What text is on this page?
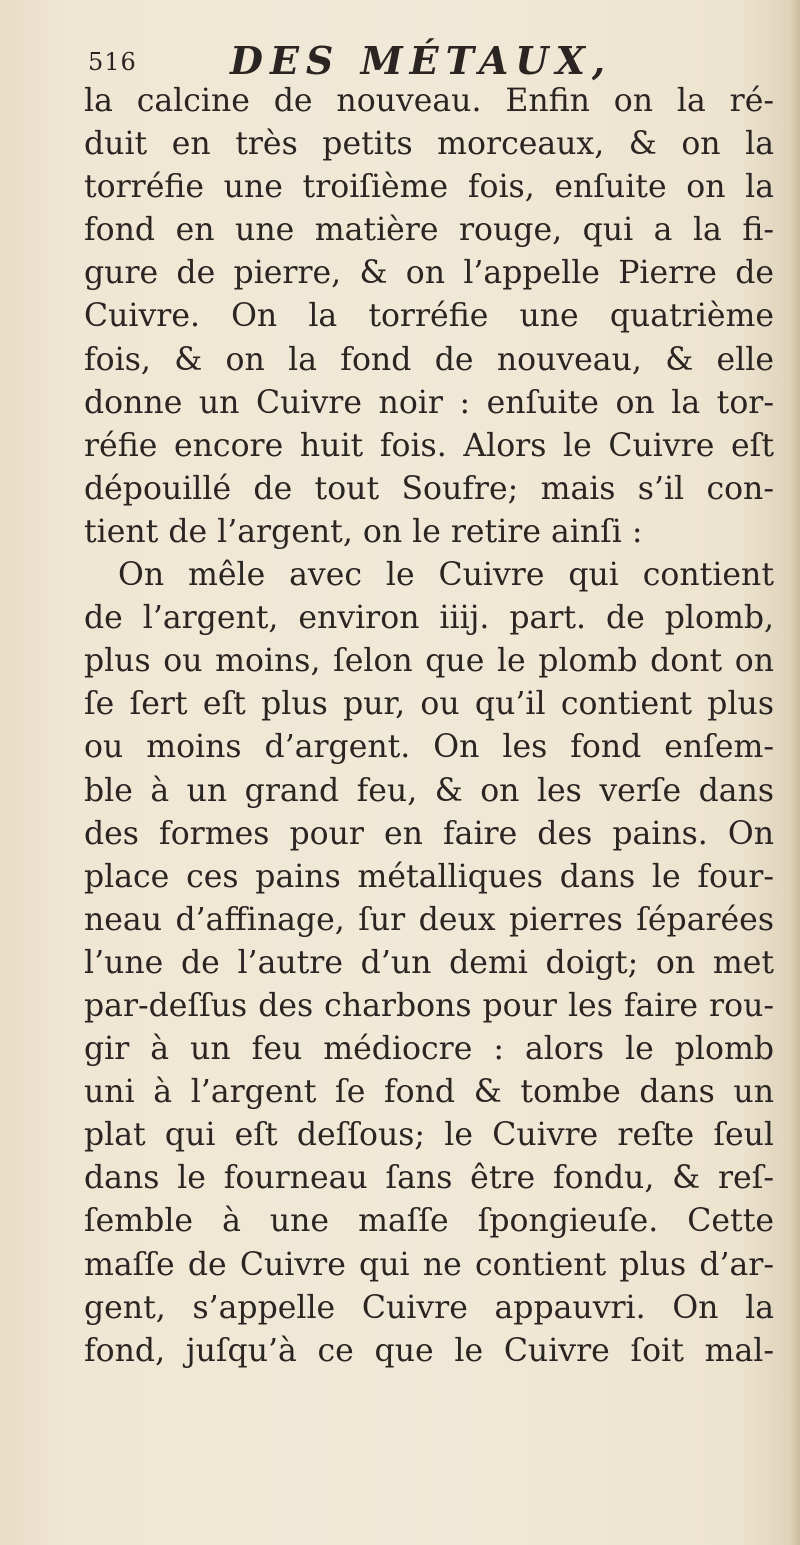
516 DES MÉTAUX,
la calcine de nouveau. Enfin on la ré-
duit en très petits morceaux, & on la
torréfie une troiſième fois, enſuite on la
fond en une matière rouge, qui a la fi-
gure de pierre, & on l’appelle Pierre de
Cuivre. On la torréfie une quatrième
fois, & on la fond de nouveau, & elle
donne un Cuivre noir : enſuite on la tor-
réfie encore huit fois. Alors le Cuivre eſt
dépouillé de tout Soufre; mais s’il con-
tient de l’argent, on le retire ainſi :
On mêle avec le Cuivre qui contient
de l’argent, environ iiij. part. de plomb,
plus ou moins, ſelon que le plomb dont on
ſe ſert eſt plus pur, ou qu’il contient plus
ou moins d’argent. On les fond enſem-
ble à un grand feu, & on les verſe dans
des formes pour en faire des pains. On
place ces pains métalliques dans le four-
neau d’affinage, ſur deux pierres ſéparées
l’une de l’autre d’un demi doigt; on met
par-deſſus des charbons pour les faire rou-
gir à un feu médiocre : alors le plomb
uni à l’argent ſe fond & tombe dans un
plat qui eſt deſſous; le Cuivre reſte ſeul
dans le fourneau ſans être fondu, & reſ-
ſemble à une maſſe ſpongieuſe. Cette
maſſe de Cuivre qui ne contient plus d’ar-
gent, s’appelle Cuivre appauvri. On la
fond, juſqu’à ce que le Cuivre ſoit mal-
